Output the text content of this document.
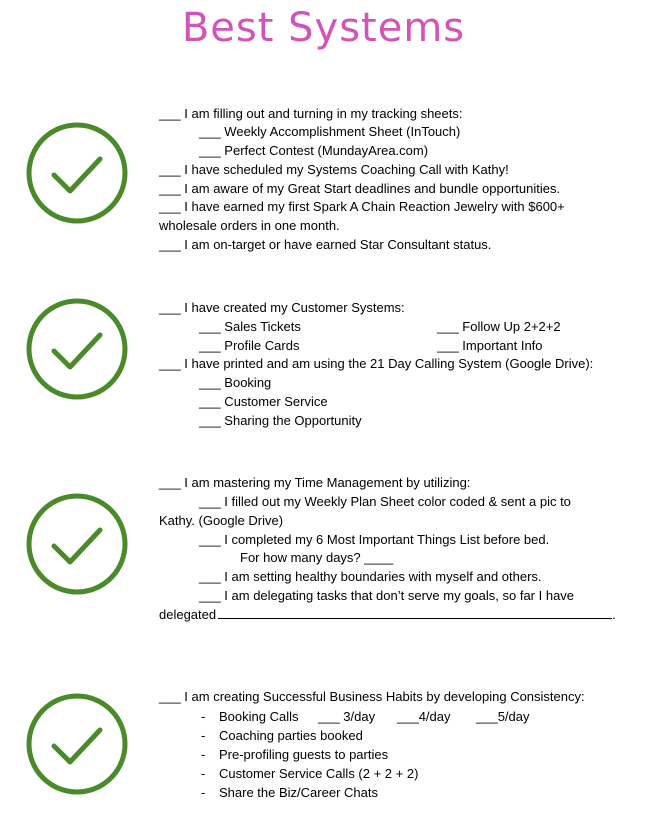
Best Systems
___ I am filling out and turning in my tracking sheets:
___ Weekly Accomplishment Sheet (InTouch)
___ Perfect Contest (MundayArea.com)
___ I have scheduled my Systems Coaching Call with Kathy!
___ I am aware of my Great Start deadlines and bundle opportunities.
___ I have earned my first Spark A Chain Reaction Jewelry with $600+
wholesale orders in one month.
___ I am on-target or have earned Star Consultant status.
___ I have created my Customer Systems:
___ Sales Tickets	___ Follow Up 2+2+2
___ Profile Cards	___ Important Info
___ I have printed and am using the 21 Day Calling System (Google Drive):
___ Booking
___ Customer Service
___ Sharing the Opportunity
___ I am mastering my Time Management by utilizing:
___ I filled out my Weekly Plan Sheet color coded & sent a pic to
Kathy. (Google Drive)
___ I completed my 6 Most Important Things List before bed.
For how many days? ____
___ I am setting healthy boundaries with myself and others.
___ I am delegating tasks that don’t serve my goals, so far I have
delegated	.
___ I am creating Successful Business Habits by developing Consistency:
- Booking Calls ___ 3/day ___4/day ___5/day
- Coaching parties booked
- Pre-profiling guests to parties
- Customer Service Calls (2 + 2 + 2)
- Share the Biz/Career Chats
